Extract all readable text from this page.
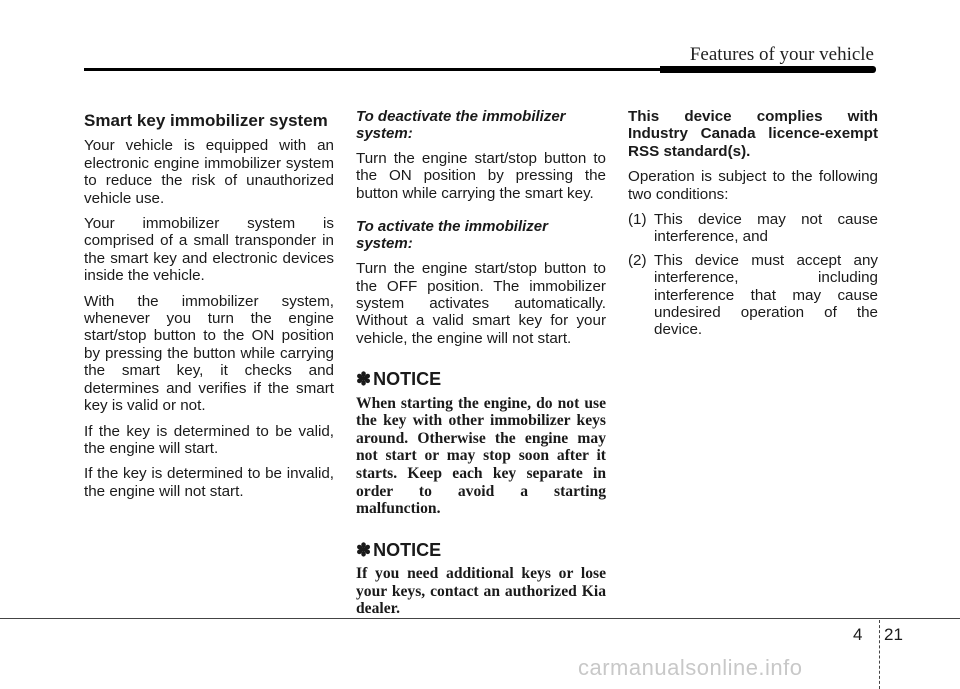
Features of your vehicle
Smart key immobilizer system

Your vehicle is equipped with an electronic engine immobilizer system to reduce the risk of unauthorized vehicle use.

Your immobilizer system is comprised of a small transponder in the smart key and electronic devices inside the vehicle.

With the immobilizer system, whenever you turn the engine start/stop button to the ON position by pressing the button while carrying the smart key, it checks and determines and verifies if the smart key is valid or not.

If the key is determined to be valid, the engine will start.

If the key is determined to be invalid, the engine will not start.

To deactivate the immobilizer system:

Turn the engine start/stop button to the ON position by pressing the button while carrying the smart key.

To activate the immobilizer system:

Turn the engine start/stop button to the OFF position. The immobilizer system activates automatically. Without a valid smart key for your vehicle, the engine will not start.

✽ NOTICE

When starting the engine, do not use the key with other immobilizer keys around. Otherwise the engine may not start or may stop soon after it starts. Keep each key separate in order to avoid a starting malfunction.

✽ NOTICE

If you need additional keys or lose your keys, contact an authorized Kia dealer.

This device complies with Industry Canada licence-exempt RSS standard(s).

Operation is subject to the following two conditions:

(1) This device may not cause interference, and
(2) This device must accept any interference, including interference that may cause undesired operation of the device.
4 21
carmanualsonline.info
